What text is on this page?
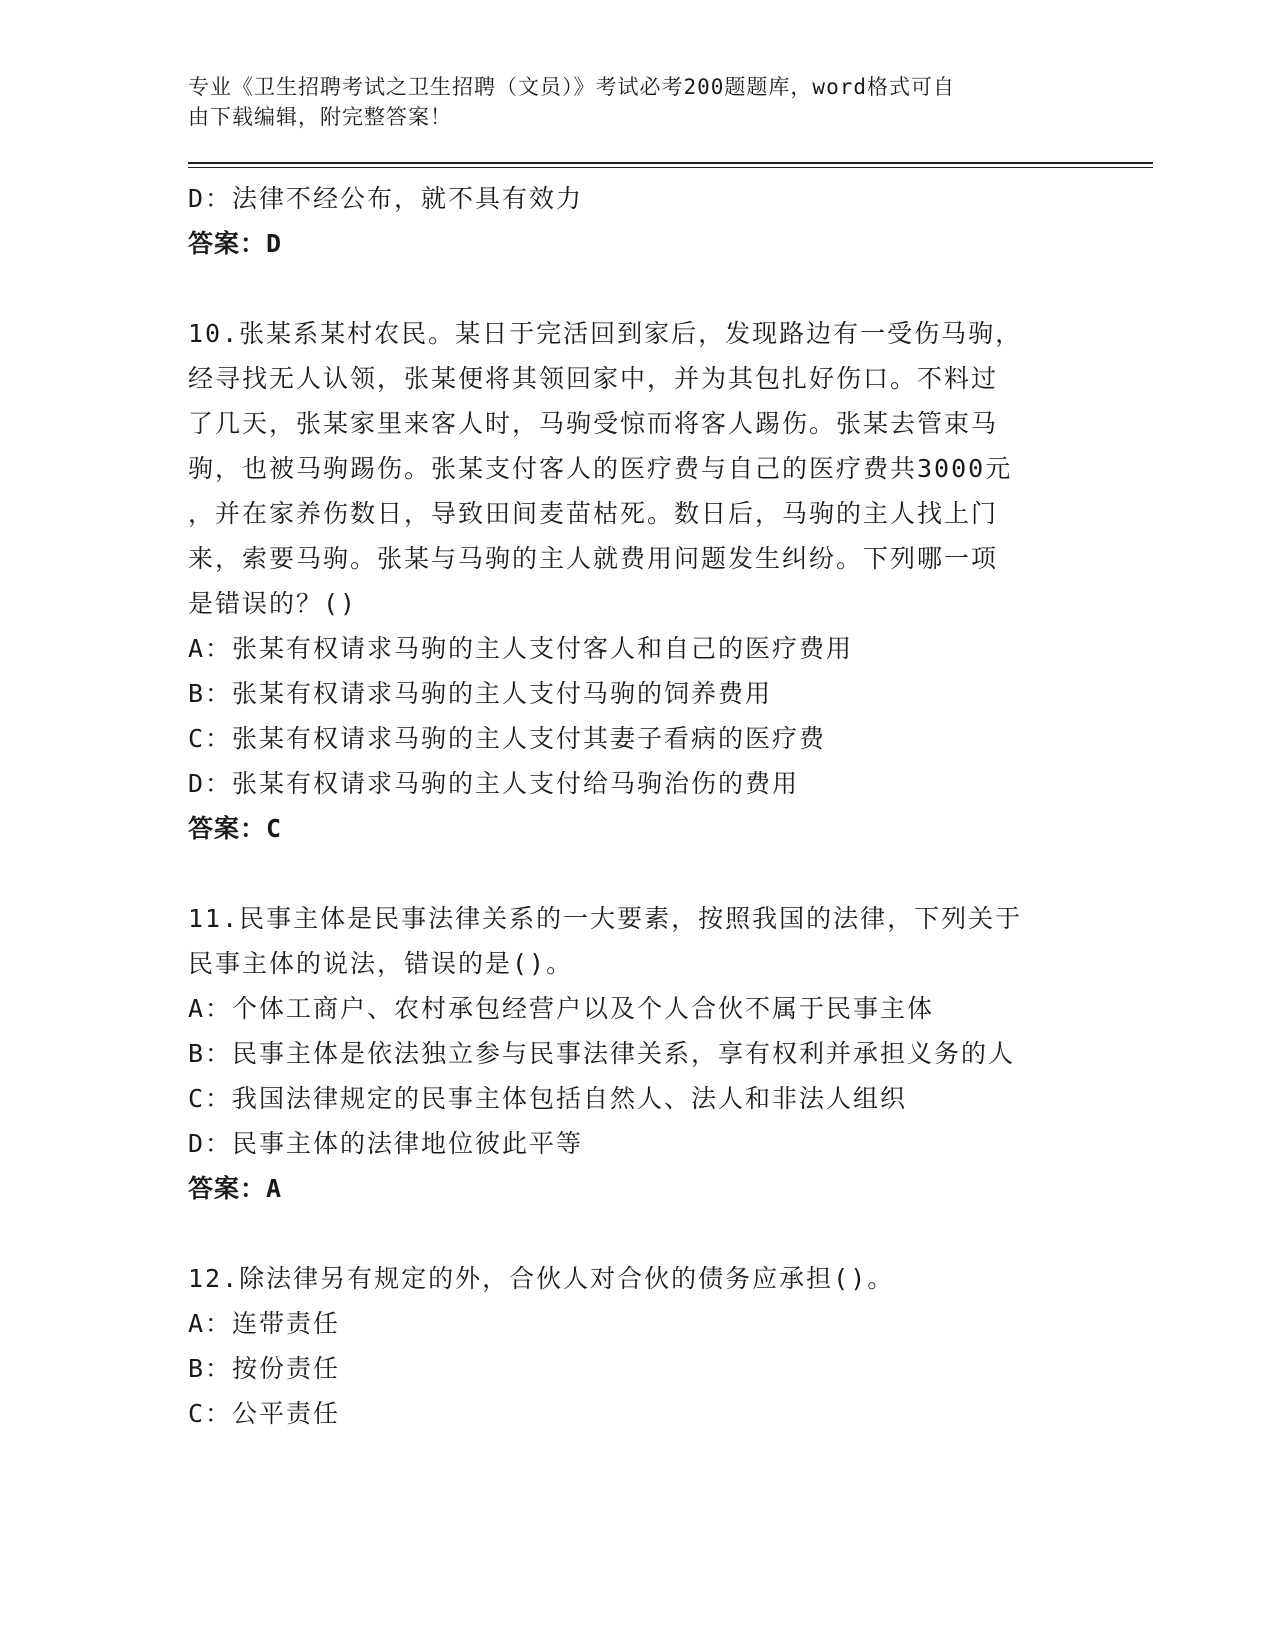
专业《卫生招聘考试之卫生招聘（文员）》考试必考200题题库，word格式可自
由下载编辑，附完整答案！
D：法律不经公布，就不具有效力
答案：D
10.张某系某村农民。某日于完活回到家后，发现路边有一受伤马驹，
经寻找无人认领，张某便将其领回家中，并为其包扎好伤口。不料过
了几天，张某家里来客人时，马驹受惊而将客人踢伤。张某去管束马
驹，也被马驹踢伤。张某支付客人的医疗费与自己的医疗费共3000元
，并在家养伤数日，导致田间麦苗枯死。数日后，马驹的主人找上门
来，索要马驹。张某与马驹的主人就费用问题发生纠纷。下列哪一项
是错误的？()
A：张某有权请求马驹的主人支付客人和自己的医疗费用
B：张某有权请求马驹的主人支付马驹的饲养费用
C：张某有权请求马驹的主人支付其妻子看病的医疗费
D：张某有权请求马驹的主人支付给马驹治伤的费用
答案：C
11.民事主体是民事法律关系的一大要素，按照我国的法律，下列关于
民事主体的说法，错误的是()。
A：个体工商户、农村承包经营户以及个人合伙不属于民事主体
B：民事主体是依法独立参与民事法律关系，享有权利并承担义务的人
C：我国法律规定的民事主体包括自然人、法人和非法人组织
D：民事主体的法律地位彼此平等
答案：A
12.除法律另有规定的外，合伙人对合伙的债务应承担()。
A：连带责任
B：按份责任
C：公平责任
